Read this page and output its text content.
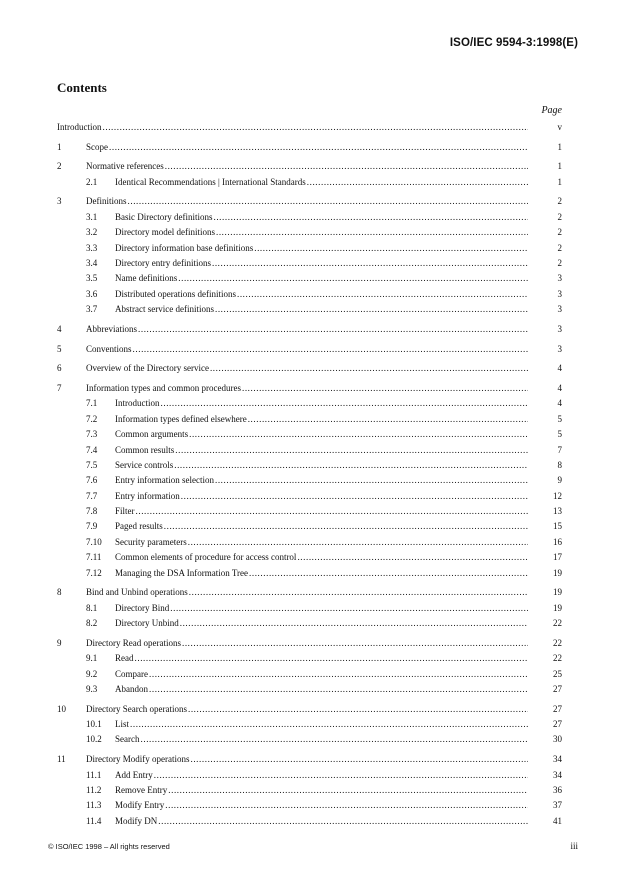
ISO/IEC 9594-3:1998(E)
Contents
Page
Introduction .....	v
1	Scope .....	1
2	Normative references .....	1
2.1	Identical Recommendations | International Standards .....	1
3	Definitions .....	2
3.1	Basic Directory definitions .....	2
3.2	Directory model definitions .....	2
3.3	Directory information base definitions .....	2
3.4	Directory entry definitions .....	2
3.5	Name definitions .....	3
3.6	Distributed operations definitions .....	3
3.7	Abstract service definitions .....	3
4	Abbreviations .....	3
5	Conventions .....	3
6	Overview of the Directory service .....	4
7	Information types and common procedures .....	4
7.1	Introduction .....	4
7.2	Information types defined elsewhere .....	5
7.3	Common arguments .....	5
7.4	Common results .....	7
7.5	Service controls .....	8
7.6	Entry information selection .....	9
7.7	Entry information .....	12
7.8	Filter .....	13
7.9	Paged results .....	15
7.10	Security parameters .....	16
7.11	Common elements of procedure for access control .....	17
7.12	Managing the DSA Information Tree .....	19
8	Bind and Unbind operations .....	19
8.1	Directory Bind .....	19
8.2	Directory Unbind .....	22
9	Directory Read operations .....	22
9.1	Read .....	22
9.2	Compare .....	25
9.3	Abandon .....	27
10	Directory Search operations .....	27
10.1	List .....	27
10.2	Search .....	30
11	Directory Modify operations .....	34
11.1	Add Entry .....	34
11.2	Remove Entry .....	36
11.3	Modify Entry .....	37
11.4	Modify DN .....	41
© ISO/IEC 1998 – All rights reserved	iii
